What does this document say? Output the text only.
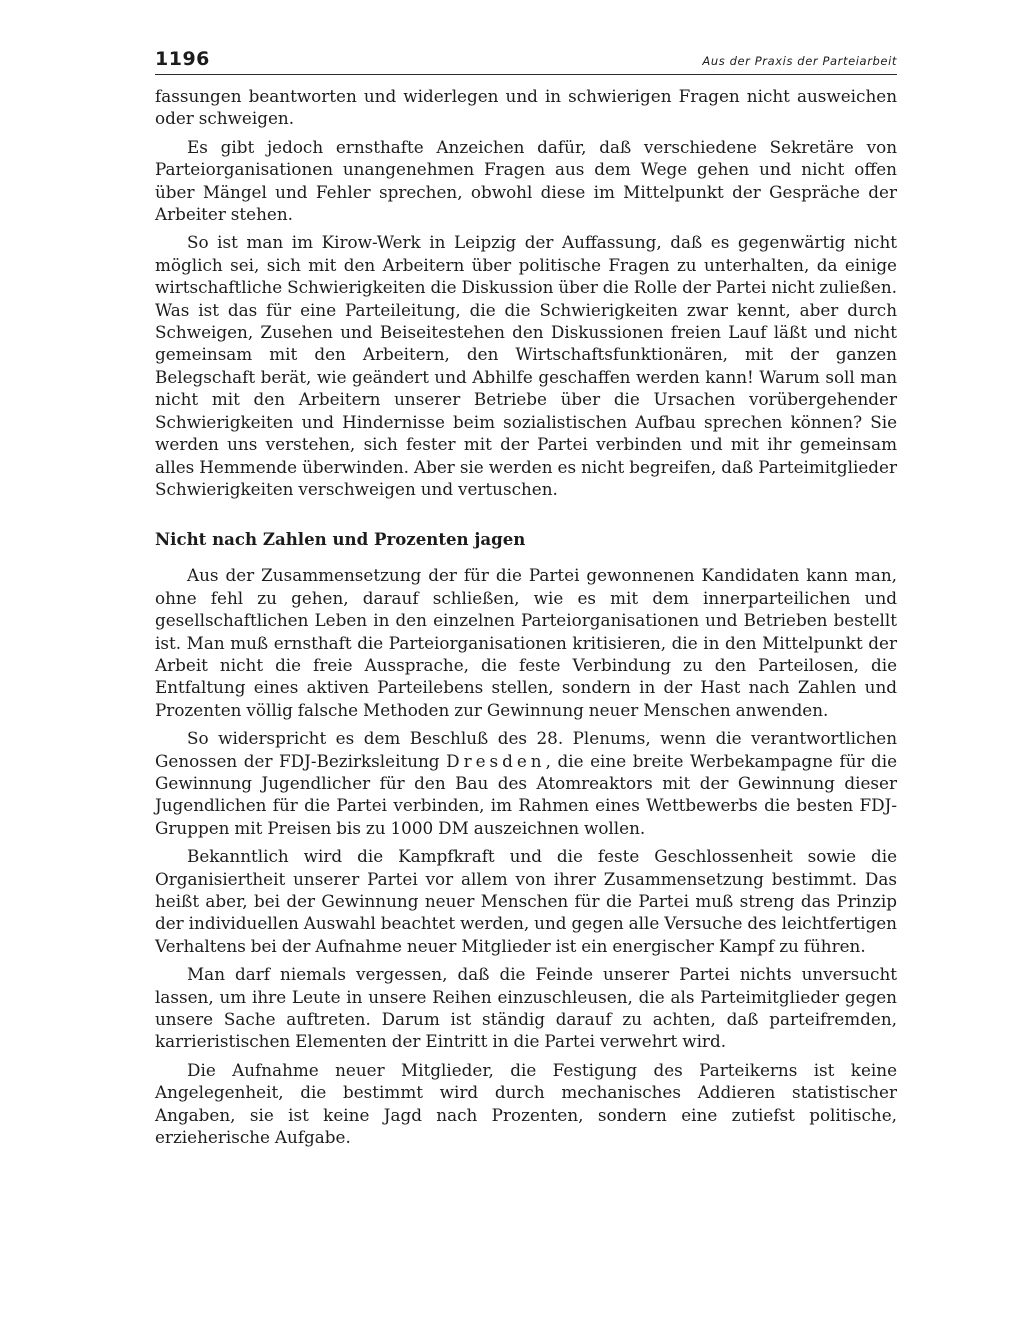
1196	Aus der Praxis der Parteiarbeit

fassungen beantworten und widerlegen und in schwierigen Fragen nicht ausweichen oder schweigen.

Es gibt jedoch ernsthafte Anzeichen dafür, daß verschiedene Sekretäre von Parteiorganisationen unangenehmen Fragen aus dem Wege gehen und nicht offen über Mängel und Fehler sprechen, obwohl diese im Mittelpunkt der Gespräche der Arbeiter stehen.

So ist man im Kirow-Werk in Leipzig der Auffassung, daß es gegenwärtig nicht möglich sei, sich mit den Arbeitern über politische Fragen zu unterhalten, da einige wirtschaftliche Schwierigkeiten die Diskussion über die Rolle der Partei nicht zuließen. Was ist das für eine Parteileitung, die die Schwierigkeiten zwar kennt, aber durch Schweigen, Zusehen und Beiseitestehen den Diskussionen freien Lauf läßt und nicht gemeinsam mit den Arbeitern, den Wirtschaftsfunktionären, mit der ganzen Belegschaft berät, wie geändert und Abhilfe geschaffen werden kann! Warum soll man nicht mit den Arbeitern unserer Betriebe über die Ursachen vorübergehender Schwierigkeiten und Hindernisse beim sozialistischen Aufbau sprechen können? Sie werden uns verstehen, sich fester mit der Partei verbinden und mit ihr gemeinsam alles Hemmende überwinden. Aber sie werden es nicht begreifen, daß Parteimitglieder Schwierigkeiten verschweigen und vertuschen.

Nicht nach Zahlen und Prozenten jagen

Aus der Zusammensetzung der für die Partei gewonnenen Kandidaten kann man, ohne fehl zu gehen, darauf schließen, wie es mit dem innerparteilichen und gesellschaftlichen Leben in den einzelnen Parteiorganisationen und Betrieben bestellt ist. Man muß ernsthaft die Parteiorganisationen kritisieren, die in den Mittelpunkt der Arbeit nicht die freie Aussprache, die feste Verbindung zu den Parteilosen, die Entfaltung eines aktiven Parteilebens stellen, sondern in der Hast nach Zahlen und Prozenten völlig falsche Methoden zur Gewinnung neuer Menschen anwenden.

So widerspricht es dem Beschluß des 28. Plenums, wenn die verantwortlichen Genossen der FDJ-Bezirksleitung Dresden, die eine breite Werbekampagne für die Gewinnung Jugendlicher für den Bau des Atomreaktors mit der Gewinnung dieser Jugendlichen für die Partei verbinden, im Rahmen eines Wettbewerbs die besten FDJ-Gruppen mit Preisen bis zu 1000 DM auszeichnen wollen.

Bekanntlich wird die Kampfkraft und die feste Geschlossenheit sowie die Organisiertheit unserer Partei vor allem von ihrer Zusammensetzung bestimmt. Das heißt aber, bei der Gewinnung neuer Menschen für die Partei muß streng das Prinzip der individuellen Auswahl beachtet werden, und gegen alle Versuche des leichtfertigen Verhaltens bei der Aufnahme neuer Mitglieder ist ein energischer Kampf zu führen.

Man darf niemals vergessen, daß die Feinde unserer Partei nichts unversucht lassen, um ihre Leute in unsere Reihen einzuschleusen, die als Parteimitglieder gegen unsere Sache auftreten. Darum ist ständig darauf zu achten, daß parteifremden, karrieristischen Elementen der Eintritt in die Partei verwehrt wird.

Die Aufnahme neuer Mitglieder, die Festigung des Parteikerns ist keine Angelegenheit, die bestimmt wird durch mechanisches Addieren statistischer Angaben, sie ist keine Jagd nach Prozenten, sondern eine zutiefst politische, erzieherische Aufgabe.
